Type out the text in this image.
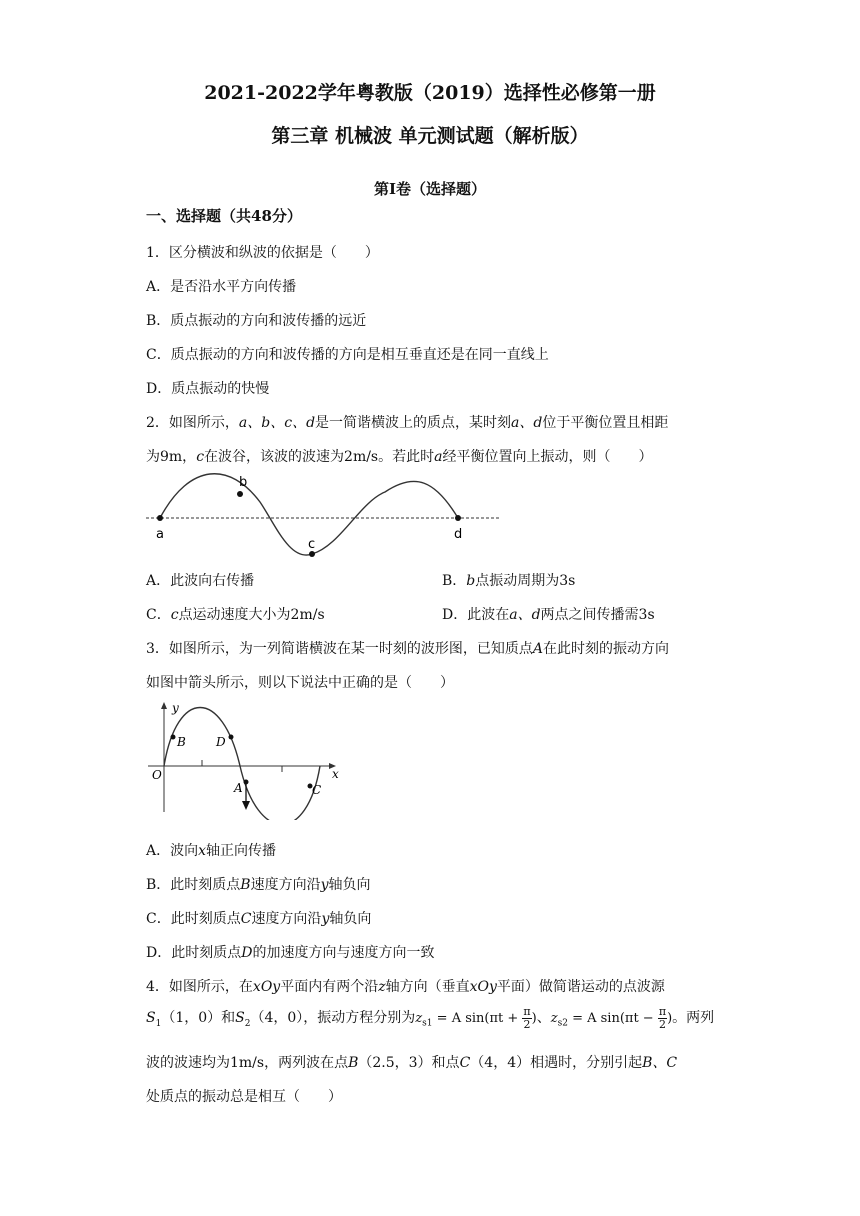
2021-2022学年粤教版（2019）选择性必修第一册
第三章 机械波 单元测试题（解析版）
第Ⅰ卷（选择题）
一、选择题（共48分）
1．区分横波和纵波的依据是（　　）
A．是否沿水平方向传播
B．质点振动的方向和波传播的远近
C．质点振动的方向和波传播的方向是相互垂直还是在同一直线上
D．质点振动的快慢
2．如图所示，a、b、c、d是一简谐横波上的质点，某时刻a、d位于平衡位置且相距
为9m，c在波谷，该波的波速为2m/s。若此时a经平衡位置向上振动，则（　　）
a
b
c
d
A．此波向右传播	B．b点振动周期为3s
C．c点运动速度大小为2m/s	D．此波在a、d两点之间传播需3s
3．如图所示，为一列简谐横波在某一时刻的波形图，已知质点A在此时刻的振动方向
如图中箭头所示，则以下说法中正确的是（　　）
y
x
O
B	D
A	C
A．波向x轴正向传播
B．此时刻质点B速度方向沿y轴负向
C．此时刻质点C速度方向沿y轴负向
D．此时刻质点D的加速度方向与速度方向一致
4．如图所示，在xOy平面内有两个沿z轴方向（垂直xOy平面）做简谐运动的点波源
$S_1(1$，0）和$S_2(4$，0），振动方程分别为$z_{s1} = A$ $\sin(\pi t + \frac{\pi}{2}$ )、$z_{s2} = A$ $\sin(\pi t - \frac{\pi}{2}$ )。两列
波的波速均为1m/s，两列波在点B（2.5，3）和点C（4，4）相遇时，分别引起B、C
处质点的振动总是相互（　　）
